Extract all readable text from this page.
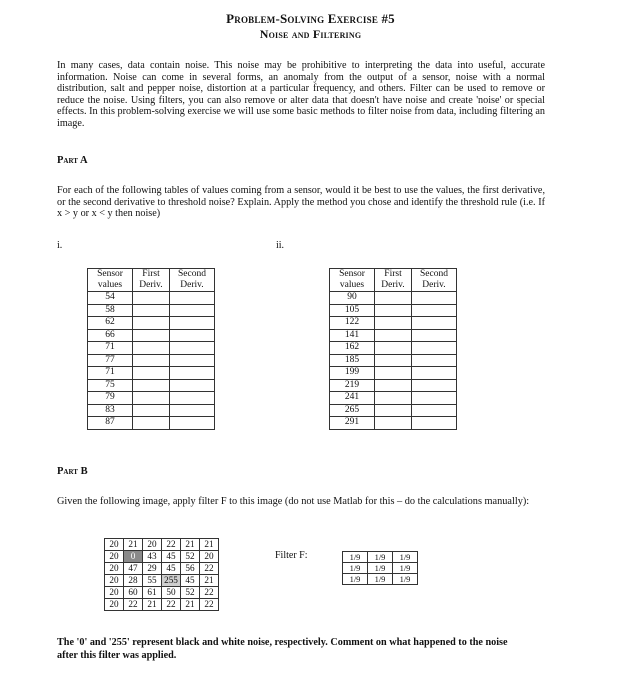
Problem-Solving Exercise #5
Noise and Filtering

In many cases, data contain noise. This noise may be prohibitive to interpreting the data into useful, accurate information. Noise can come in several forms, an anomaly from the output of a sensor, noise with a normal distribution, salt and pepper noise, distortion at a particular frequency, and others. Filter can be used to remove or reduce the noise. Using filters, you can also remove or alter data that doesn't have noise and create 'noise' or special effects. In this problem-solving exercise we will use some basic methods to filter noise from data, including filtering an image.

Part A

For each of the following tables of values coming from a sensor, would it be best to use the values, the first derivative, or the second derivative to threshold noise? Explain. Apply the method you chose and identify the threshold rule (i.e. If x > y or x < y then noise)

i.	ii.
Sensor values	First Deriv.	Second Deriv.
54		
58		
62		
66		
71		
77		
71		
75		
79		
83		
87		
Sensor values	First Deriv.	Second Deriv.
90		
105		
122		
141		
162		
185		
199		
219		
241		
265		
291		
Part B

Given the following image, apply filter F to this image (do not use Matlab for this – do the calculations manually):

20	21	20	22	21	21
20	0	43	45	52	20
20	47	29	45	56	22
20	28	55	255	45	21
20	60	61	50	52	22
20	22	21	22	21	22
Filter F:	1/9	1/9	1/9
1/9	1/9	1/9
1/9	1/9	1/9

The '0' and '255' represent black and white noise, respectively. Comment on what happened to the noise after this filter was applied.
